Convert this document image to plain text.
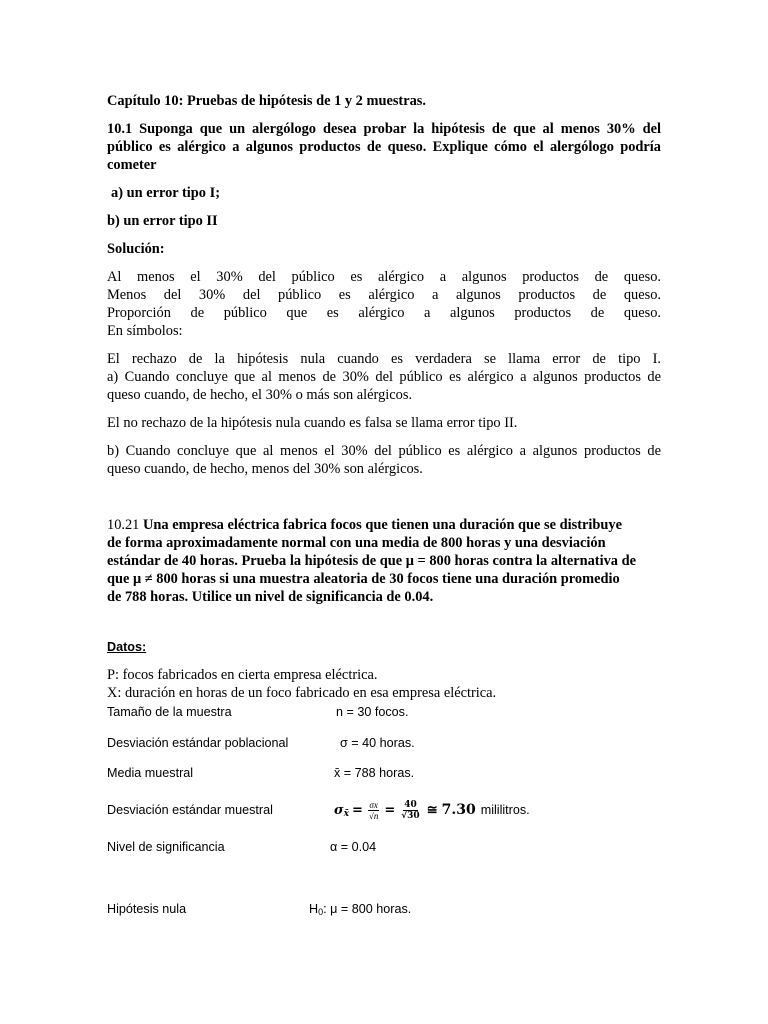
Capítulo 10: Pruebas de hipótesis de 1 y 2 muestras.

10.1 Suponga que un alergólogo desea probar la hipótesis de que al menos 30% del

público es alérgico a algunos productos de queso. Explique cómo el alergólogo podría

cometer

a) un error tipo I;

b) un error tipo II

Solución:

Al menos el 30% del público es alérgico a algunos productos de queso.

Menos del 30% del público es alérgico a algunos productos de queso.

Proporción de público que es alérgico a algunos productos de queso.

En símbolos:

El rechazo de la hipótesis nula cuando es verdadera se llama error de tipo I.

a) Cuando concluye que al menos de 30% del público es alérgico a algunos productos de

queso cuando, de hecho, el 30% o más son alérgicos.

El no rechazo de la hipótesis nula cuando es falsa se llama error tipo II.

b) Cuando concluye que al menos el 30% del público es alérgico a algunos productos de

queso cuando, de hecho, menos del 30% son alérgicos.

10.21 Una empresa eléctrica fabrica focos que tienen una duración que se distribuye

de forma aproximadamente normal con una media de 800 horas y una desviación

estándar de 40 horas. Prueba la hipótesis de que μ = 800 horas contra la alternativa de

que μ ≠ 800 horas si una muestra aleatoria de 30 focos tiene una duración promedio

de 788 horas. Utilice un nivel de significancia de 0.04.

Datos:

P: focos fabricados en cierta empresa eléctrica.

X: duración en horas de un foco fabricado en esa empresa eléctrica.

Tamaño de la muestra	n = 30 focos.

Desviación estándar poblacional	σ = 40 horas.

Media muestral	x̄ = 788 horas.

Desviación estándar muestral	$\sigma_{x̄} = \frac{\sigma x}{√n} = \frac{40}{√30}$ ≅ 7.30 mililitros.

Nivel de significancia	α = 0.04

Hipótesis nula	$H_0$: μ = 800 horas.
